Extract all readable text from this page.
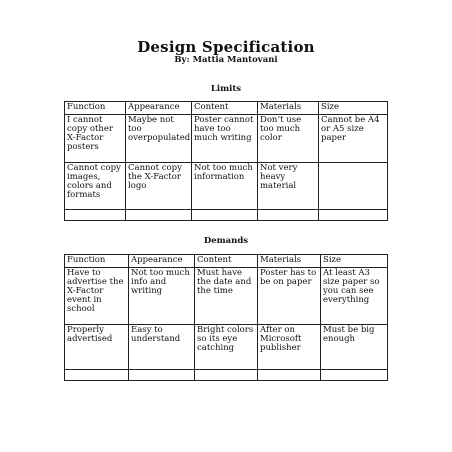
Design Specification
By: Mattia Mantovani
Limits
Function	Appearance	Content	Materials	Size
I cannot copy other X-Factor posters	Maybe not too overpopulated	Poster cannot have too much writing	Don’t use too much color	Cannot be A4 or A5 size paper
Cannot copy images, colors and formats	Cannot copy the X-Factor logo	Not too much information	Not very heavy material	

Demands
Function	Appearance	Content	Materials	Size
Have to advertise the X-Factor event in school	Not too much info and writing	Must have the date and the time	Poster has to be on paper	At least A3 size paper so you can see everything
Properly advertised	Easy to understand	Bright colors so its eye catching	After on Microsoft publisher	Must be big enough
